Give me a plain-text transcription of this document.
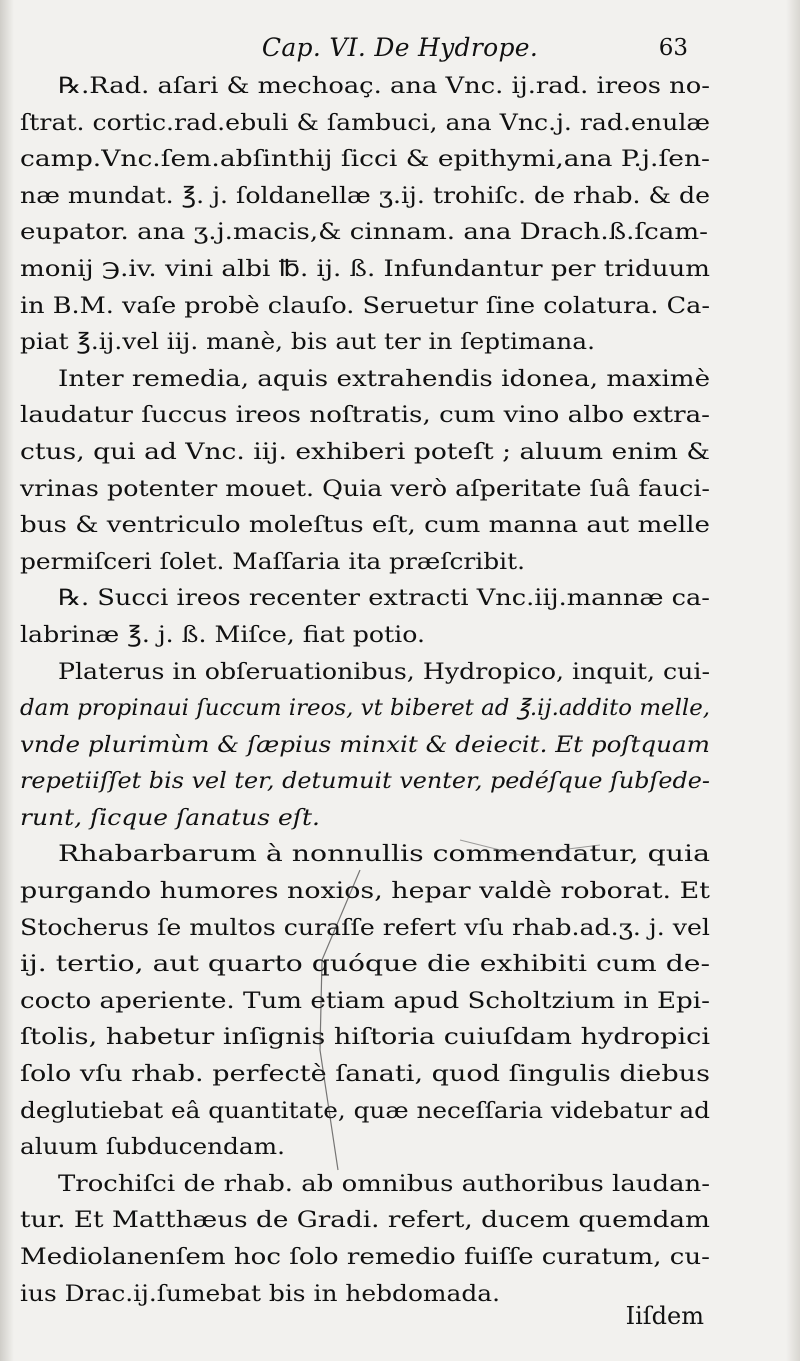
Cap. VI. De Hydrope.	63
℞.Rad. aſari & mechoaç. ana Vnc. ij.rad. ireos no-
ſtrat. cortic.rad.ebuli & ſambuci, ana Vnc.j. rad.enulæ
camp.Vnc.ſem.abſinthij ſicci & epithymi,ana P.j.ſen-
næ mundat. ℥. j. ſoldanellæ ʒ.ij. trohiſc. de rhab. & de
eupator. ana ʒ.j.macis,& cinnam. ana Drach.ß.ſcam-
monij ℈.iv. vini albi ℔. ij. ß. Infundantur per triduum
in B.M. vaſe probè clauſo. Seruetur ſine colatura. Ca-
piat ℥.ij.vel iij. manè, bis aut ter in ſeptimana.
Inter remedia, aquis extrahendis idonea, maximè
laudatur ſuccus ireos noſtratis, cum vino albo extra-
ctus, qui ad Vnc. iij. exhiberi poteſt ; aluum enim &
vrinas potenter mouet. Quia verò aſperitate ſuâ fauci-
bus & ventriculo moleſtus eſt, cum manna aut melle
permiſceri ſolet. Maſſaria ita præſcribit.
℞. Succi ireos recenter extracti Vnc.iij.mannæ ca-
labrinæ ℥. j. ß. Miſce, fiat potio.
Platerus in obſeruationibus, Hydropico, inquit, cui-
dam propinaui ſuccum ireos, vt biberet ad ℥.ij.addito melle,
vnde plurimùm & ſæpius minxit & deiecit. Et poſtquam
repetiiſſet bis vel ter, detumuit venter, pedéſque ſubſede-
runt, ſicque ſanatus eſt.
Rhabarbarum à nonnullis commendatur, quia
purgando humores noxios, hepar valdè roborat. Et
Stocherus ſe multos curaſſe refert vſu rhab.ad.ʒ. j. vel
ij. tertio, aut quarto quóque die exhibiti cum de-
cocto aperiente. Tum etiam apud Scholtzium in Epi-
ſtolis, habetur inſignis hiſtoria cuiuſdam hydropici
ſolo vſu rhab. perfectè ſanati, quod ſingulis diebus
deglutiebat eâ quantitate, quæ neceſſaria videbatur ad
aluum ſubducendam.
Trochiſci de rhab. ab omnibus authoribus laudan-
tur. Et Matthæus de Gradi. refert, ducem quemdam
Mediolanenſem hoc ſolo remedio fuiſſe curatum, cu-
ius Drac.ij.ſumebat bis in hebdomada.
Iiſdem
